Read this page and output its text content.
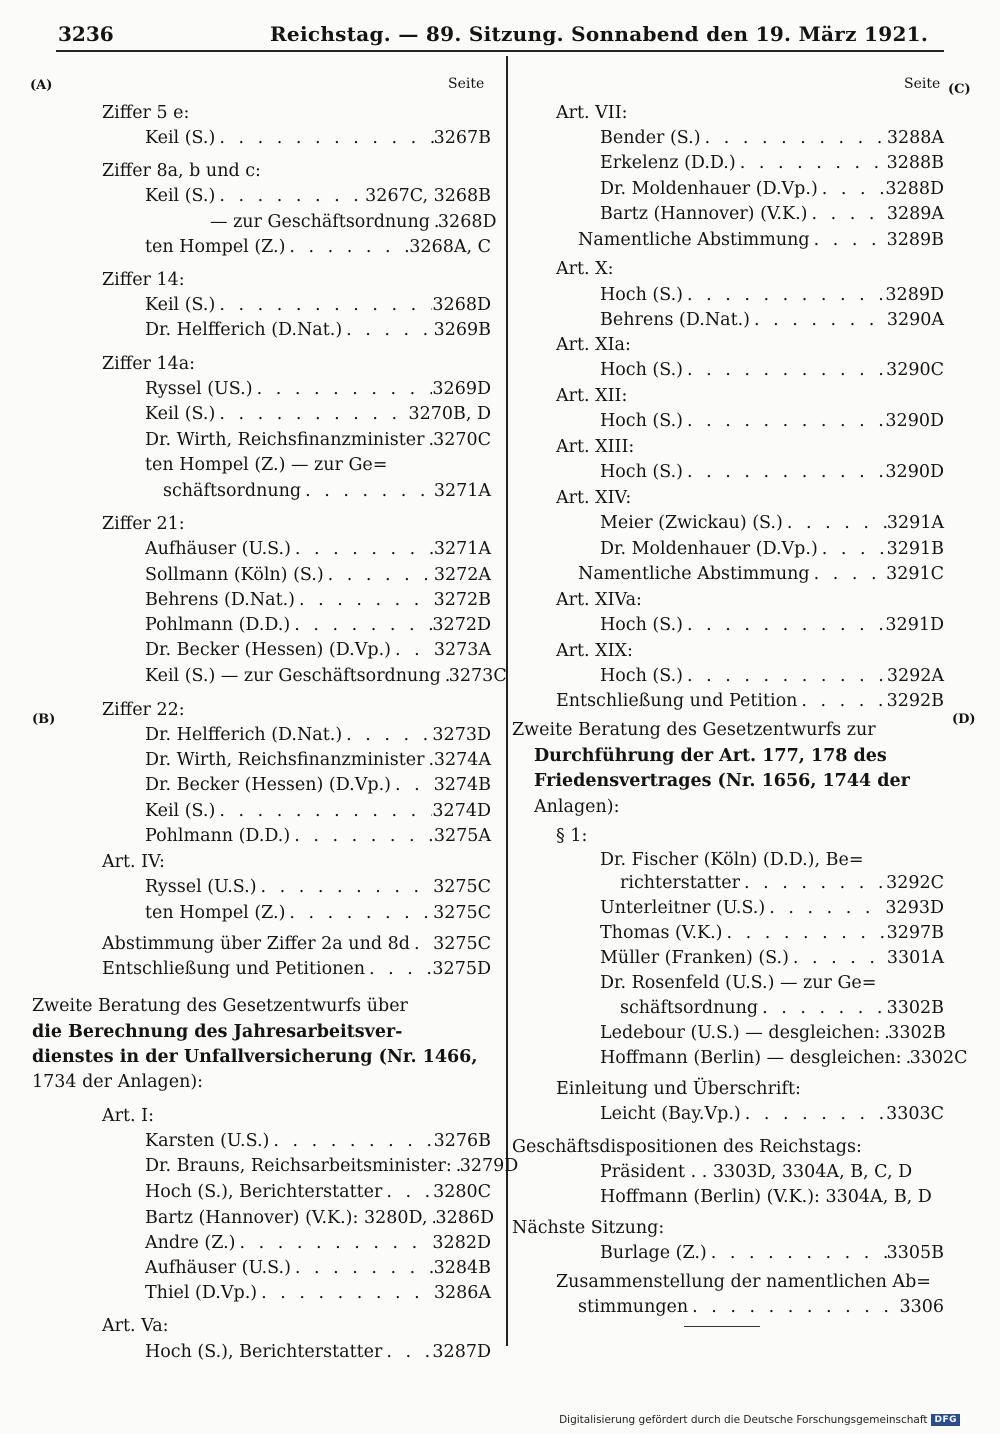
3236	Reichstag. — 89. Sitzung. Sonnabend den 19. März 1921.
(A)
(B)
(C)
(D)
Seite	Seite
Ziffer 5 e:
Keil (S.) . . .	3267B
Ziffer 8a, b und c:
Keil (S.) . . .	3267C, 3268B
— zur Geschäftsordnung . . . 3268D
ten Hompel (Z.) . . .	3268A, C
Ziffer 14:
Keil (S.) . . .	3268D
Dr. Helfferich (D.Nat.) . . .	3269B
Ziffer 14a:
Ryssel (US.) . . .	3269D
Keil (S.) . . .	3270B, D
Dr. Wirth, Reichsfinanzminister . . . 3270C
ten Hompel (Z.) — zur Ge=
schäftsordnung . . .	3271A
Ziffer 21:
Aufhäuser (U.S.) . . .	3271A
Sollmann (Köln) (S.) . . .	3272A
Behrens (D.Nat.) . . .	3272B
Pohlmann (D.D.) . . .	3272D
Dr. Becker (Hessen) (D.Vp.) . . . 3273A
Keil (S.) — zur Geschäftsordnung . . . 3273C
Ziffer 22:
Dr. Helfferich (D.Nat.) . . .	3273D
Dr. Wirth, Reichsfinanzminister . . . 3274A
Dr. Becker (Hessen) (D.Vp.) . . . 3274B
Keil (S.) . . .	3274D
Pohlmann (D.D.) . . .	3275A
Art. IV:
Ryssel (U.S.) . . .	3275C
ten Hompel (Z.) . . .	3275C
Abstimmung über Ziffer 2a und 8d . . . 3275C
Entschließung und Petitionen . . .	3275D
Zweite Beratung des Gesetzentwurfs über
die Berechnung des Jahresarbeitsver-
dienstes in der Unfallversicherung (Nr. 1466,
1734 der Anlagen):
Art. I:
Karsten (U.S.) . . .	3276B
Dr. Brauns, Reichsarbeitsminister: . . . 3279D
Hoch (S.), Berichterstatter . . .	3280C
Bartz (Hannover) (V.K.): 3280D, . . . 3286D
Andre (Z.) . . .	3282D
Aufhäuser (U.S.) . . .	3284B
Thiel (D.Vp.) . . .	3286A
Art. Va:
Hoch (S.), Berichterstatter . . .	3287D
Art. VII:
Bender (S.) . . .	3288A
Erkelenz (D.D.) . . .	3288B
Dr. Moldenhauer (D.Vp.) . . .	3288D
Bartz (Hannover) (V.K.) . . .	3289A
Namentliche Abstimmung . . .	3289B
Art. X:
Hoch (S.) . . .	3289D
Behrens (D.Nat.) . . .	3290A
Art. XIa:
Hoch (S.) . . .	3290C
Art. XII:
Hoch (S.) . . .	3290D
Art. XIII:
Hoch (S.) . . .	3290D
Art. XIV:
Meier (Zwickau) (S.) . . .	3291A
Dr. Moldenhauer (D.Vp.) . . .	3291B
Namentliche Abstimmung . . .	3291C
Art. XIVa:
Hoch (S.) . . .	3291D
Art. XIX:
Hoch (S.) . . .	3292A
Entschließung und Petition . . .	3292B
Zweite Beratung des Gesetzentwurfs zur
Durchführung der Art. 177, 178 des
Friedensvertrages (Nr. 1656, 1744 der
Anlagen):
§ 1:
Dr. Fischer (Köln) (D.D.), Be=
richterstatter . . .	3292C
Unterleitner (U.S.) . . .	3293D
Thomas (V.K.) . . .	3297B
Müller (Franken) (S.) . . .	3301A
Dr. Rosenfeld (U.S.) — zur Ge=
schäftsordnung . . .	3302B
Ledebour (U.S.) — desgleichen: . . . 3302B
Hoffmann (Berlin) — desgleichen: . . . 3302C
Einleitung und Überschrift:
Leicht (Bay.Vp.) . . .	3303C
Geschäftsdispositionen des Reichstags:
Präsident . . 3303D, 3304A, B, C, D
Hoffmann (Berlin) (V.K.): 3304A, B, D
Nächste Sitzung:
Burlage (Z.) . . .	3305B
Zusammenstellung der namentlichen Ab=
stimmungen . . .	3306
Digitalisierung gefördert durch die Deutsche Forschungsgemeinschaft DFG
